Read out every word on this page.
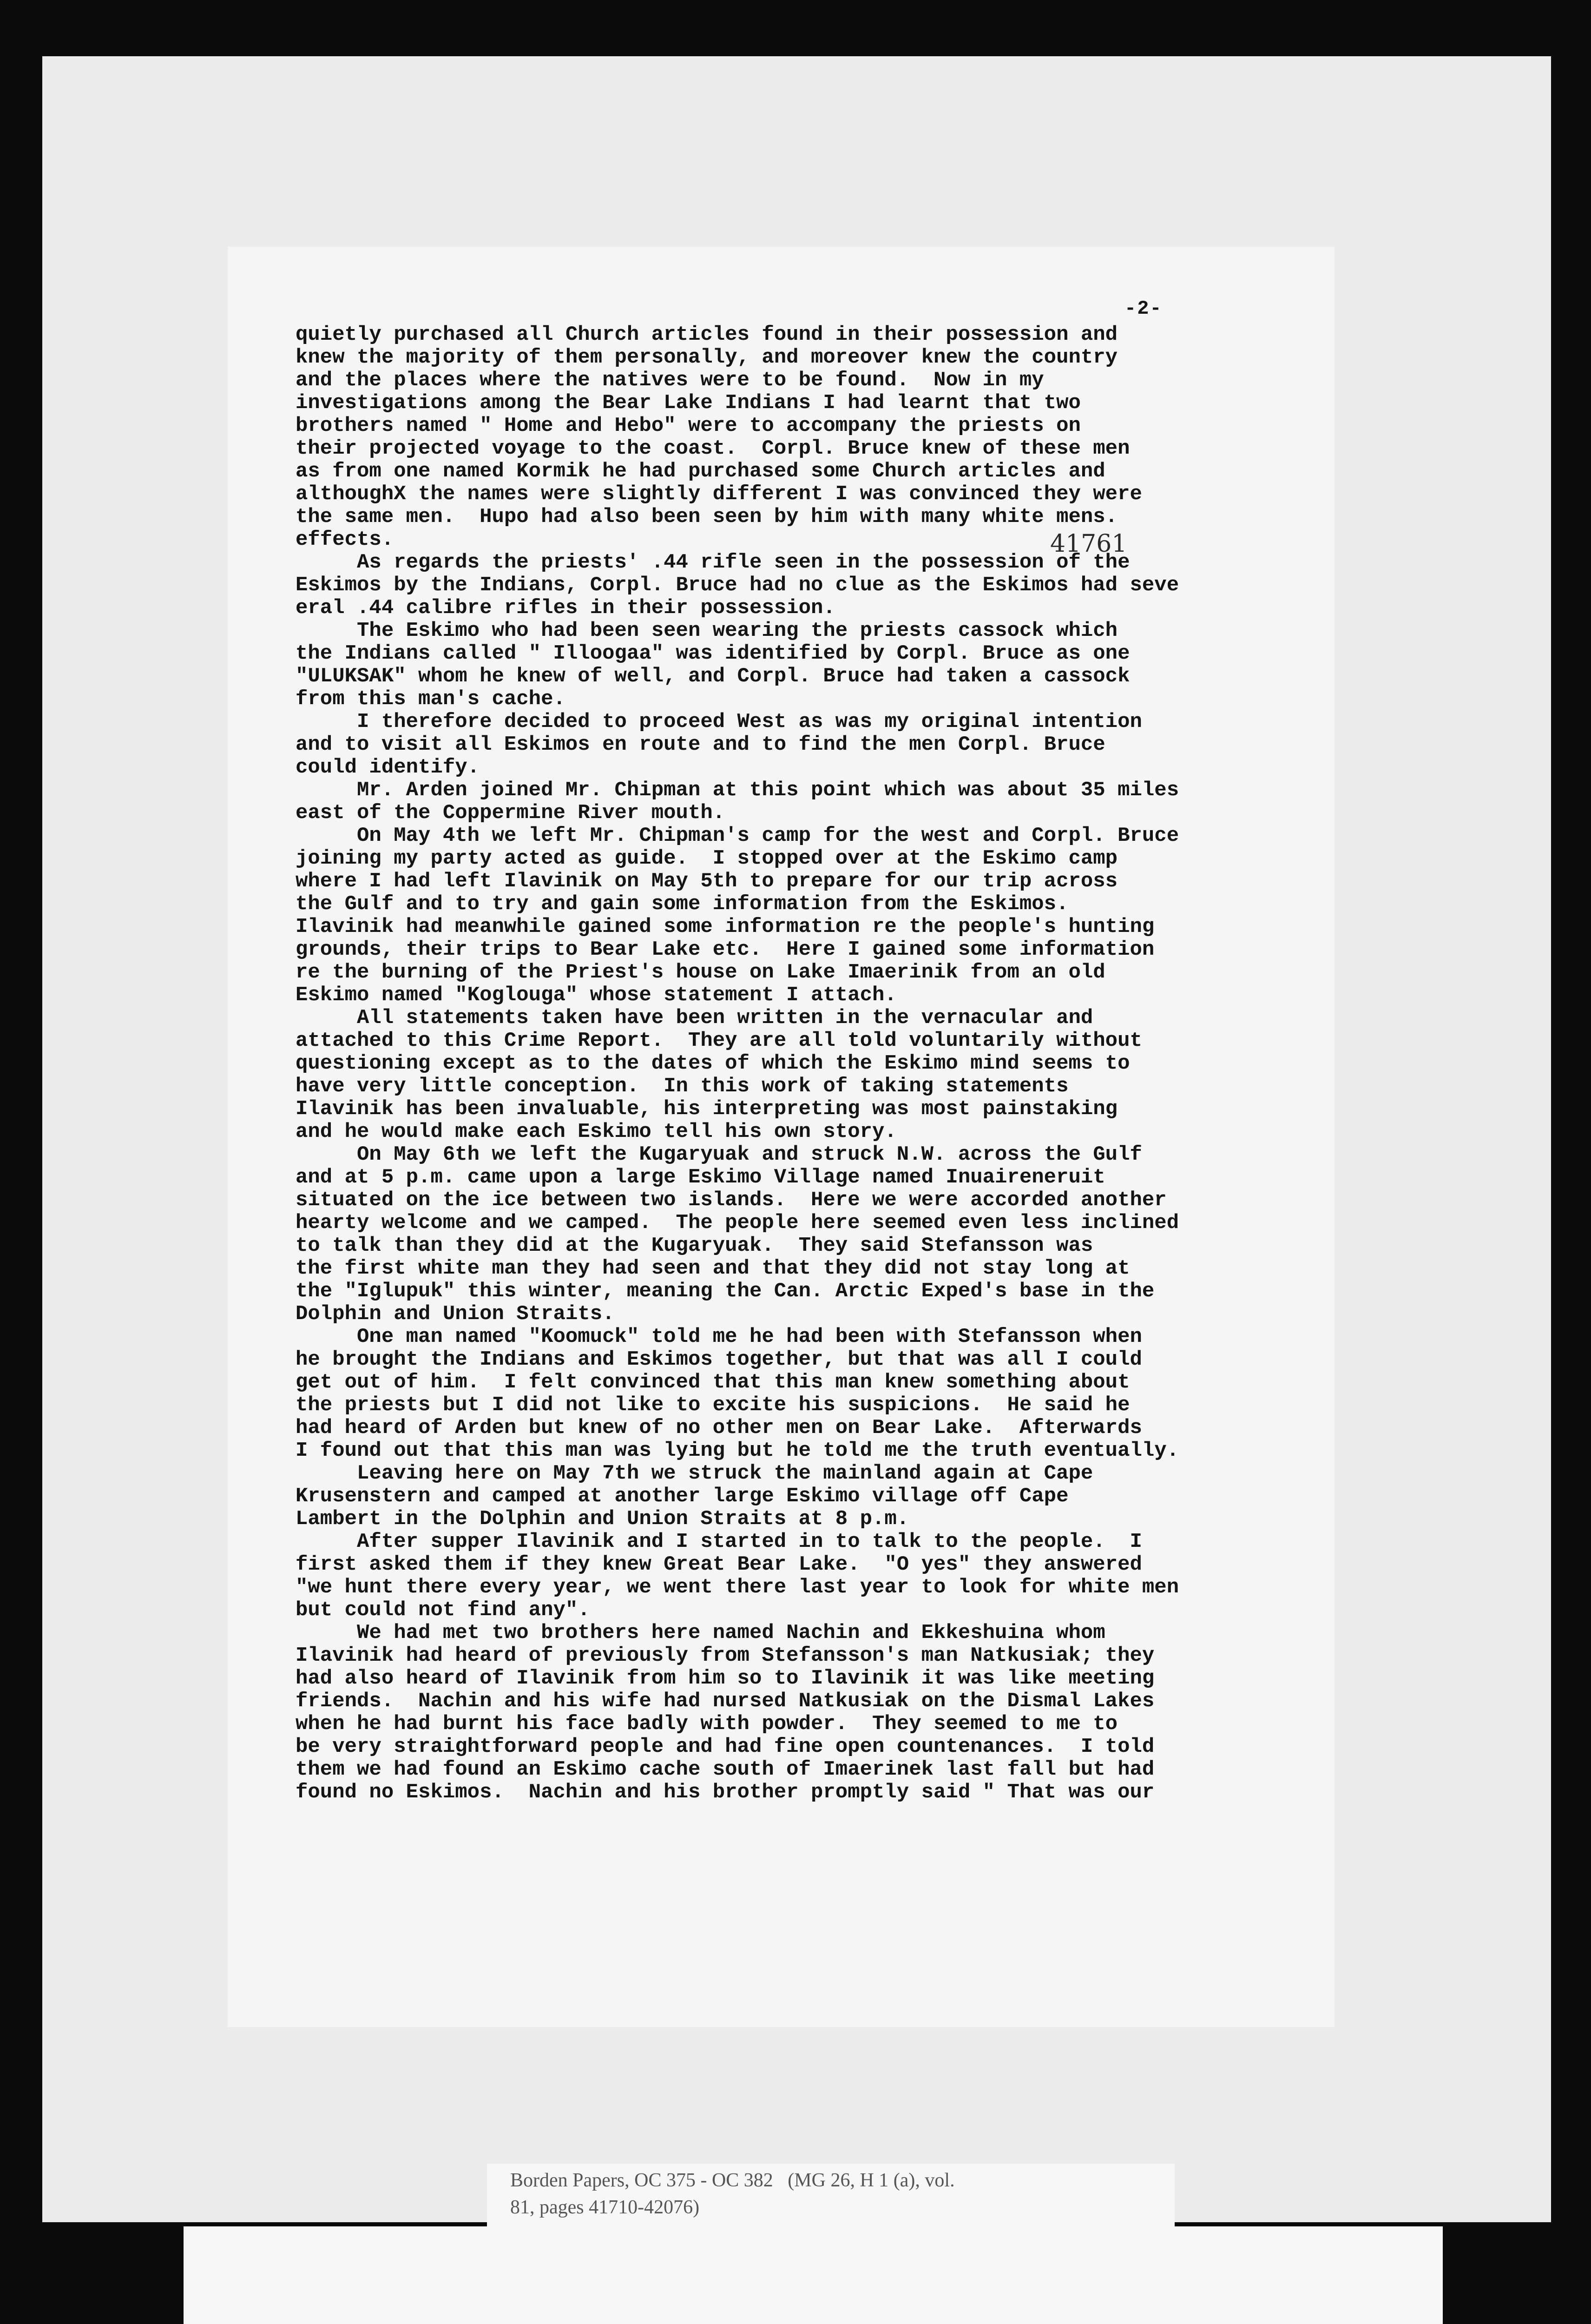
-2-
41761
quietly purchased all Church articles found in their possession and
knew the majority of them personally, and moreover knew the country
and the places where the natives were to be found.  Now in my
investigations among the Bear Lake Indians I had learnt that two
brothers named " Home and Hebo" were to accompany the priests on
their projected voyage to the coast.  Corpl. Bruce knew of these men
as from one named Kormik he had purchased some Church articles and
althoughX the names were slightly different I was convinced they were
the same men.  Hupo had also been seen by him with many white mens.
effects.
As regards the priests' .44 rifle seen in the possession of the
Eskimos by the Indians, Corpl. Bruce had no clue as the Eskimos had seve
eral .44 calibre rifles in their possession.
The Eskimo who had been seen wearing the priests cassock which
the Indians called " Illoogaa" was identified by Corpl. Bruce as one
"ULUKSAK" whom he knew of well, and Corpl. Bruce had taken a cassock
from this man's cache.
I therefore decided to proceed West as was my original intention
and to visit all Eskimos en route and to find the men Corpl. Bruce
could identify.
Mr. Arden joined Mr. Chipman at this point which was about 35 miles
east of the Coppermine River mouth.
On May 4th we left Mr. Chipman's camp for the west and Corpl. Bruce
joining my party acted as guide.  I stopped over at the Eskimo camp
where I had left Ilavinik on May 5th to prepare for our trip across
the Gulf and to try and gain some information from the Eskimos.
Ilavinik had meanwhile gained some information re the people's hunting
grounds, their trips to Bear Lake etc.  Here I gained some information
re the burning of the Priest's house on Lake Imaerinik from an old
Eskimo named "Koglouga" whose statement I attach.
All statements taken have been written in the vernacular and
attached to this Crime Report.  They are all told voluntarily without
questioning except as to the dates of which the Eskimo mind seems to
have very little conception.  In this work of taking statements
Ilavinik has been invaluable, his interpreting was most painstaking
and he would make each Eskimo tell his own story.
On May 6th we left the Kugaryuak and struck N.W. across the Gulf
and at 5 p.m. came upon a large Eskimo Village named Inuaireneruit
situated on the ice between two islands.  Here we were accorded another
hearty welcome and we camped.  The people here seemed even less inclined
to talk than they did at the Kugaryuak.  They said Stefansson was
the first white man they had seen and that they did not stay long at
the "Iglupuk" this winter, meaning the Can. Arctic Exped's base in the
Dolphin and Union Straits.
One man named "Koomuck" told me he had been with Stefansson when
he brought the Indians and Eskimos together, but that was all I could
get out of him.  I felt convinced that this man knew something about
the priests but I did not like to excite his suspicions.  He said he
had heard of Arden but knew of no other men on Bear Lake.  Afterwards
I found out that this man was lying but he told me the truth eventually.
Leaving here on May 7th we struck the mainland again at Cape
Krusenstern and camped at another large Eskimo village off Cape
Lambert in the Dolphin and Union Straits at 8 p.m.
After supper Ilavinik and I started in to talk to the people.  I
first asked them if they knew Great Bear Lake.  "O yes" they answered
"we hunt there every year, we went there last year to look for white men
but could not find any".
We had met two brothers here named Nachin and Ekkeshuina whom
Ilavinik had heard of previously from Stefansson's man Natkusiak; they
had also heard of Ilavinik from him so to Ilavinik it was like meeting
friends.  Nachin and his wife had nursed Natkusiak on the Dismal Lakes
when he had burnt his face badly with powder.  They seemed to me to
be very straightforward people and had fine open countenances.  I told
them we had found an Eskimo cache south of Imaerinek last fall but had
found no Eskimos.  Nachin and his brother promptly said " That was our
Borden Papers, OC 375 - OC 382   (MG 26, H 1 (a), vol.
81, pages 41710-42076)
